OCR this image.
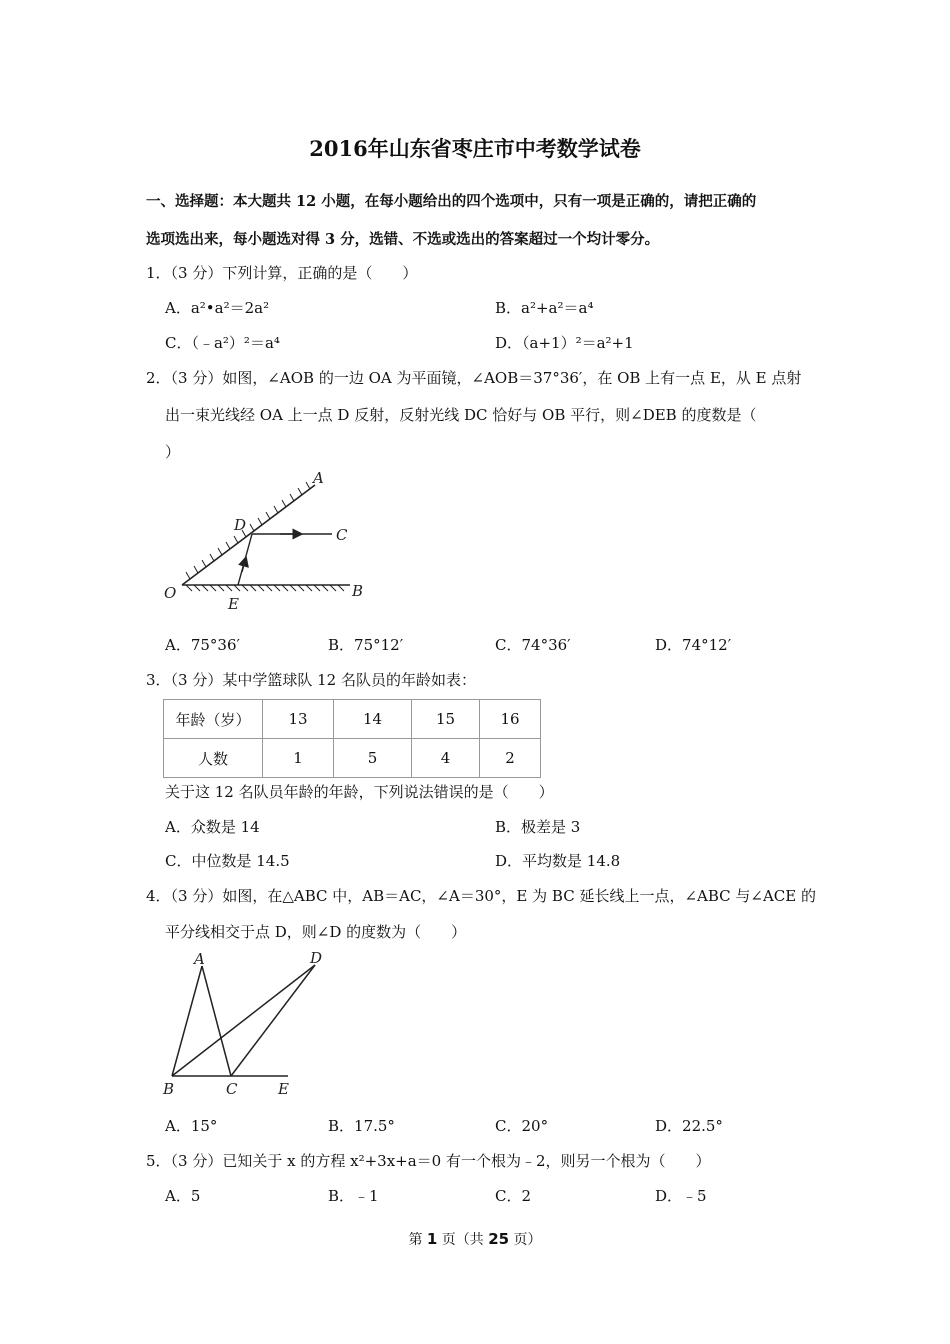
2016年山东省枣庄市中考数学试卷
一、选择题：本大题共 12 小题，在每小题给出的四个选项中，只有一项是正确的，请把正确的
选项选出来，每小题选对得 3 分，选错、不选或选出的答案超过一个均计零分。
1．（3 分）下列计算，正确的是（　　）
A．a²•a²＝2a²	B．a²+a²＝a⁴
C．（﹣a²）²＝a⁴	D．（a+1）²＝a²+1
2．（3 分）如图，∠AOB 的一边 OA 为平面镜，∠AOB＝37°36′，在 OB 上有一点 E，从 E 点射
出一束光线经 OA 上一点 D 反射，反射光线 DC 恰好与 OB 平行，则∠DEB 的度数是（
）
A
D
C
O
E
B
A．75°36′	B．75°12′	C．74°36′	D．74°12′
3．（3 分）某中学篮球队 12 名队员的年龄如表：
年龄（岁）	13	14	15	16
人数	1	5	4	2
关于这 12 名队员年龄的年龄，下列说法错误的是（　　）
A．众数是 14	B．极差是 3
C．中位数是 14.5	D．平均数是 14.8
4．（3 分）如图，在△ABC 中，AB＝AC，∠A＝30°，E 为 BC 延长线上一点，∠ABC 与∠ACE 的
平分线相交于点 D，则∠D 的度数为（　　）
A	D
B	C	E
A．15°	B．17.5°	C．20°	D．22.5°
5．（3 分）已知关于 x 的方程 x²+3x+a＝0 有一个根为﹣2，则另一个根为（　　）
A．5	B．﹣1	C．2	D．﹣5
第 1 页（共 25 页）
